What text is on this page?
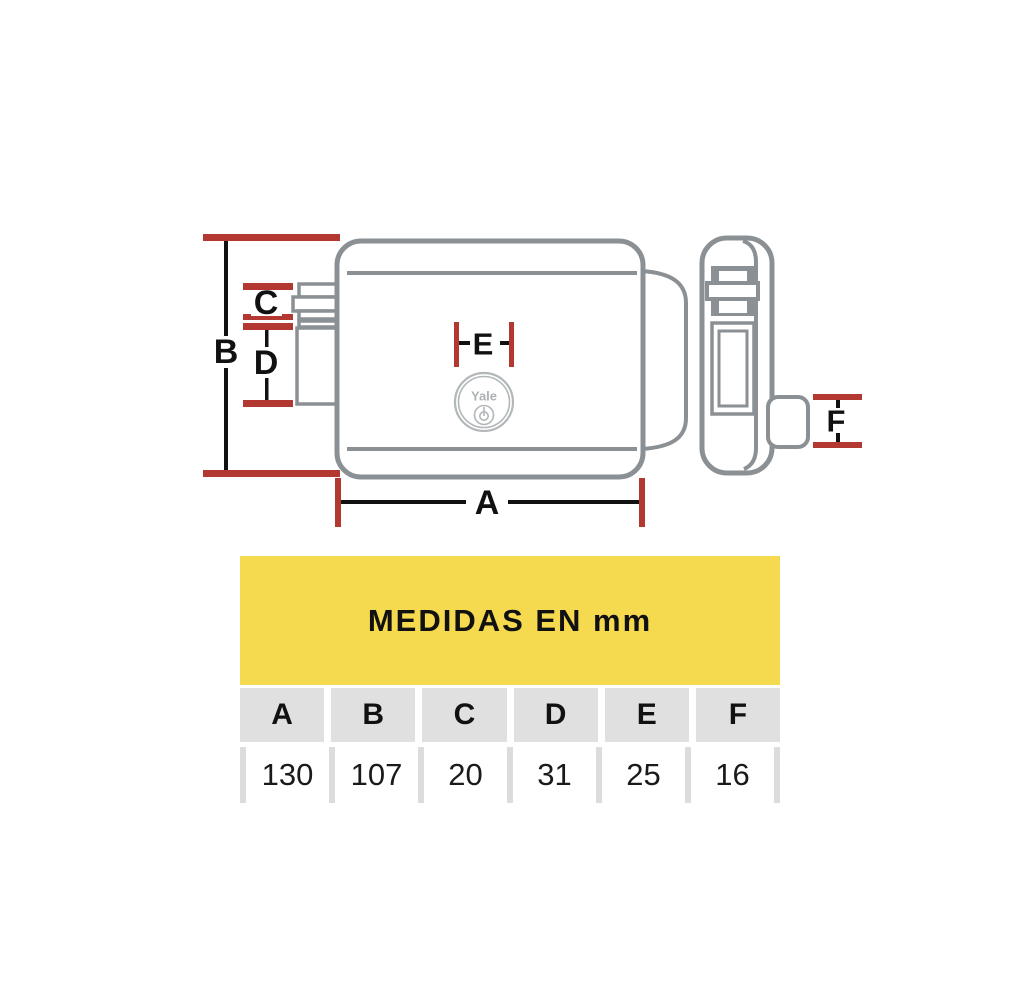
Yale
B
C
D	E
A
F
MEDIDAS EN mm
A	B	C	D	E	F
130	107	20	31	25	16
